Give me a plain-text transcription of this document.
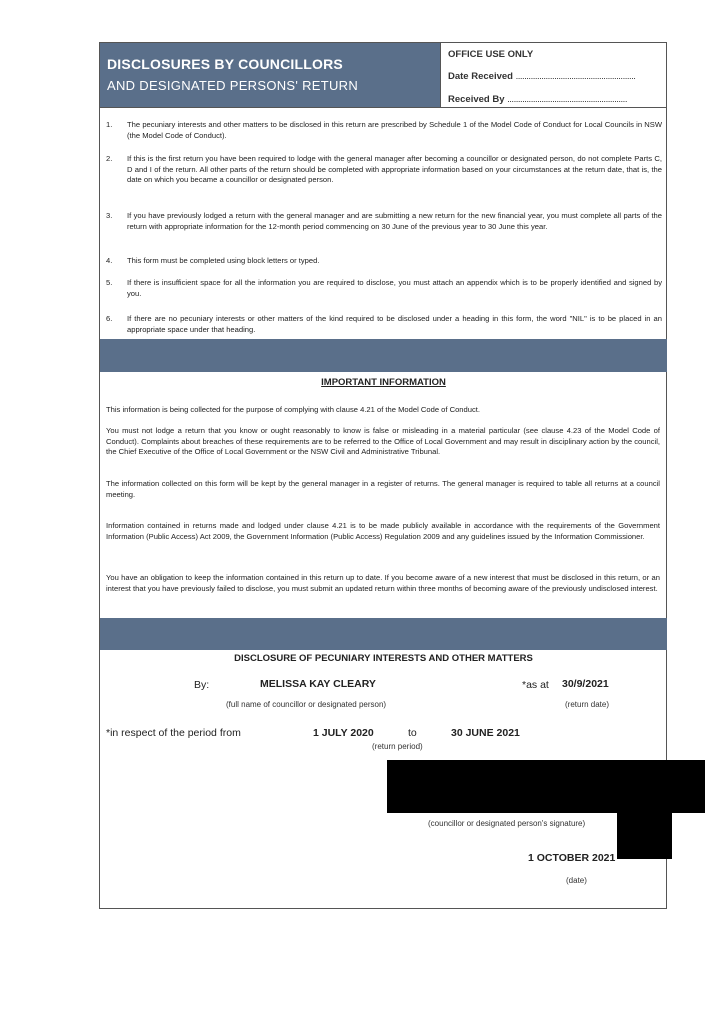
DISCLOSURES BY COUNCILLORS
AND DESIGNATED PERSONS' RETURN
OFFICE USE ONLY
Date Received ........................................................
Received By ........................................................
1. The pecuniary interests and other matters to be disclosed in this return are prescribed by Schedule 1 of the Model Code of Conduct for Local Councils in NSW (the Model Code of Conduct).
2. If this is the first return you have been required to lodge with the general manager after becoming a councillor or designated person, do not complete Parts C, D and I of the return. All other parts of the return should be completed with appropriate information based on your circumstances at the return date, that is, the date on which you became a councillor or designated person.
3. If you have previously lodged a return with the general manager and are submitting a new return for the new financial year, you must complete all parts of the return with appropriate information for the 12-month period commencing on 30 June of the previous year to 30 June this year.
4. This form must be completed using block letters or typed.
5. If there is insufficient space for all the information you are required to disclose, you must attach an appendix which is to be properly identified and signed by you.
6. If there are no pecuniary interests or other matters of the kind required to be disclosed under a heading in this form, the word "NIL" is to be placed in an appropriate space under that heading.
IMPORTANT INFORMATION
This information is being collected for the purpose of complying with clause 4.21 of the Model Code of Conduct.
You must not lodge a return that you know or ought reasonably to know is false or misleading in a material particular (see clause 4.23 of the Model Code of Conduct). Complaints about breaches of these requirements are to be referred to the Office of Local Government and may result in disciplinary action by the council, the Chief Executive of the Office of Local Government or the NSW Civil and Administrative Tribunal.
The information collected on this form will be kept by the general manager in a register of returns. The general manager is required to table all returns at a council meeting.
Information contained in returns made and lodged under clause 4.21 is to be made publicly available in accordance with the requirements of the Government Information (Public Access) Act 2009, the Government Information (Public Access) Regulation 2009 and any guidelines issued by the Information Commissioner.
You have an obligation to keep the information contained in this return up to date. If you become aware of a new interest that must be disclosed in this return, or an interest that you have previously failed to disclose, you must submit an updated return within three months of becoming aware of the previously undisclosed interest.
DISCLOSURE OF PECUNIARY INTERESTS AND OTHER MATTERS
By:	MELISSA KAY CLEARY
(full name of councillor or designated person)
*as at 30/9/2021
(return date)
*in respect of the period from	1 JULY 2020	to	30 JUNE 2021
(return period)
(councillor or designated person's signature)
1 OCTOBER 2021
(date)
